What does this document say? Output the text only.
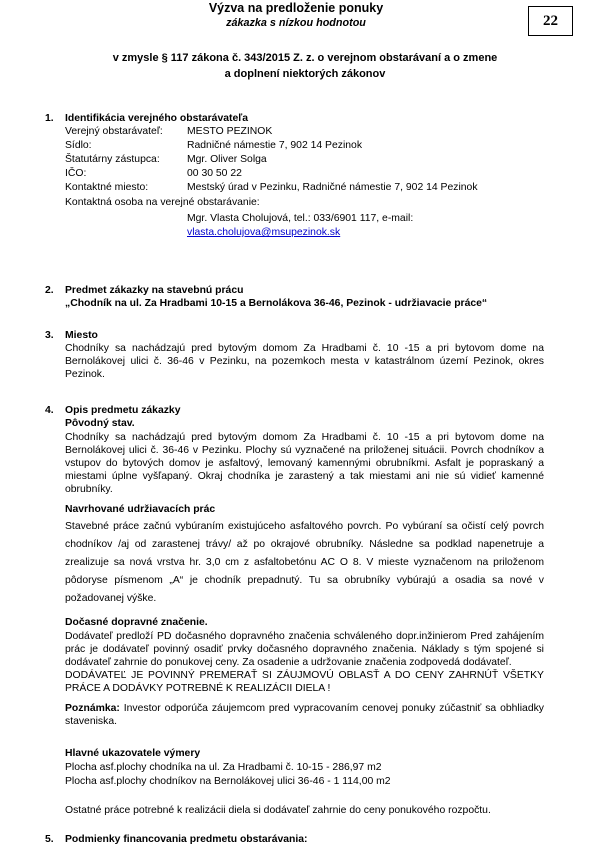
Výzva na predloženie ponuky
zákazka s nízkou hodnotou	22
v zmysle § 117 zákona č. 343/2015 Z. z. o verejnom obstarávaní a o zmene
a doplnení niektorých zákonov
1. Identifikácia verejného obstarávateľa
Verejný obstarávateľ: MESTO PEZINOK
Sídlo:	Radničné námestie 7, 902 14 Pezinok
Štatutárny zástupca:	Mgr. Oliver Solga
IČO:	00 30 50 22
Kontaktné miesto:	Mestský úrad v Pezinku, Radničné námestie 7, 902 14 Pezinok
Kontaktná osoba na verejné obstarávanie:
Mgr. Vlasta Cholujová, tel.: 033/6901 117, e-mail:
vlasta.cholujova@msupezinok.sk
2. Predmet zákazky na stavebnú prácu
„Chodník na ul. Za Hradbami 10-15 a Bernolákova 36-46, Pezinok - udržiavacie práce“
3. Miesto
Chodníky sa nachádzajú pred bytovým domom Za Hradbami č. 10 -15 a pri bytovom dome na
Bernolákovej ulici č. 36-46 v Pezinku, na pozemkoch mesta v katastrálnom území Pezinok, okres
Pezinok.
4. Opis predmetu zákazky
Pôvodný stav.
Chodníky sa nachádzajú pred bytovým domom Za Hradbami č. 10 -15 a pri bytovom dome na
Bernolákovej ulici č. 36-46 v Pezinku. Plochy sú vyznačené na priloženej situácii. Povrch chodníkov a
vstupov do bytových domov je asfaltový, lemovaný kamennými obrubníkmi. Asfalt je popraskaný a
miestami úplne vyšľapaný. Okraj chodníka je zarastený a tak miestami ani nie sú vidieť kamenné
obrubníky.
Navrhované udržiavacích prác
Stavebné práce začnú vybúraním existujúceho asfaltového povrch. Po vybúraní sa očistí celý povrch
chodníkov /aj od zarastenej trávy/ až po okrajové obrubníky. Následne sa podklad napenetruje a
zrealizuje sa nová vrstva hr. 3,0 cm z asfaltobetónu AC O 8. V mieste vyznačenom na priloženom
pôdoryse písmenom „A“ je chodník prepadnutý. Tu sa obrubníky vybúrajú a osadia sa nové v
požadovanej výške.
Dočasné dopravné značenie.
Dodávateľ predloží PD dočasného dopravného značenia schváleného dopr.inžinierom Pred zahájením
prác je dodávateľ povinný osadiť prvky dočasného dopravného značenia. Náklady s tým spojené si
dodávateľ zahrnie do ponukovej ceny. Za osadenie a udržovanie značenia zodpovedá dodávateľ.
DODÁVATEĽ JE POVINNÝ PREMERAŤ SI ZÁUJMOVÚ OBLASŤ A DO CENY ZAHRNÚŤ VŠETKY
PRÁCE A DODÁVKY POTREBNÉ K REALIZÁCII DIELA !
Poznámka: Investor odporúča záujemcom pred vypracovaním cenovej ponuky zúčastniť sa obhliadky
staveniska.
Hlavné ukazovatele výmery
Plocha asf.plochy chodníka na ul. Za Hradbami č. 10-15 - 286,97 m2
Plocha asf.plochy chodníkov na Bernolákovej ulici 36-46 - 1 114,00 m2
Ostatné práce potrebné k realizácii diela si dodávateľ zahrnie do ceny ponukového rozpočtu.
5. Podmienky financovania predmetu obstarávania:
